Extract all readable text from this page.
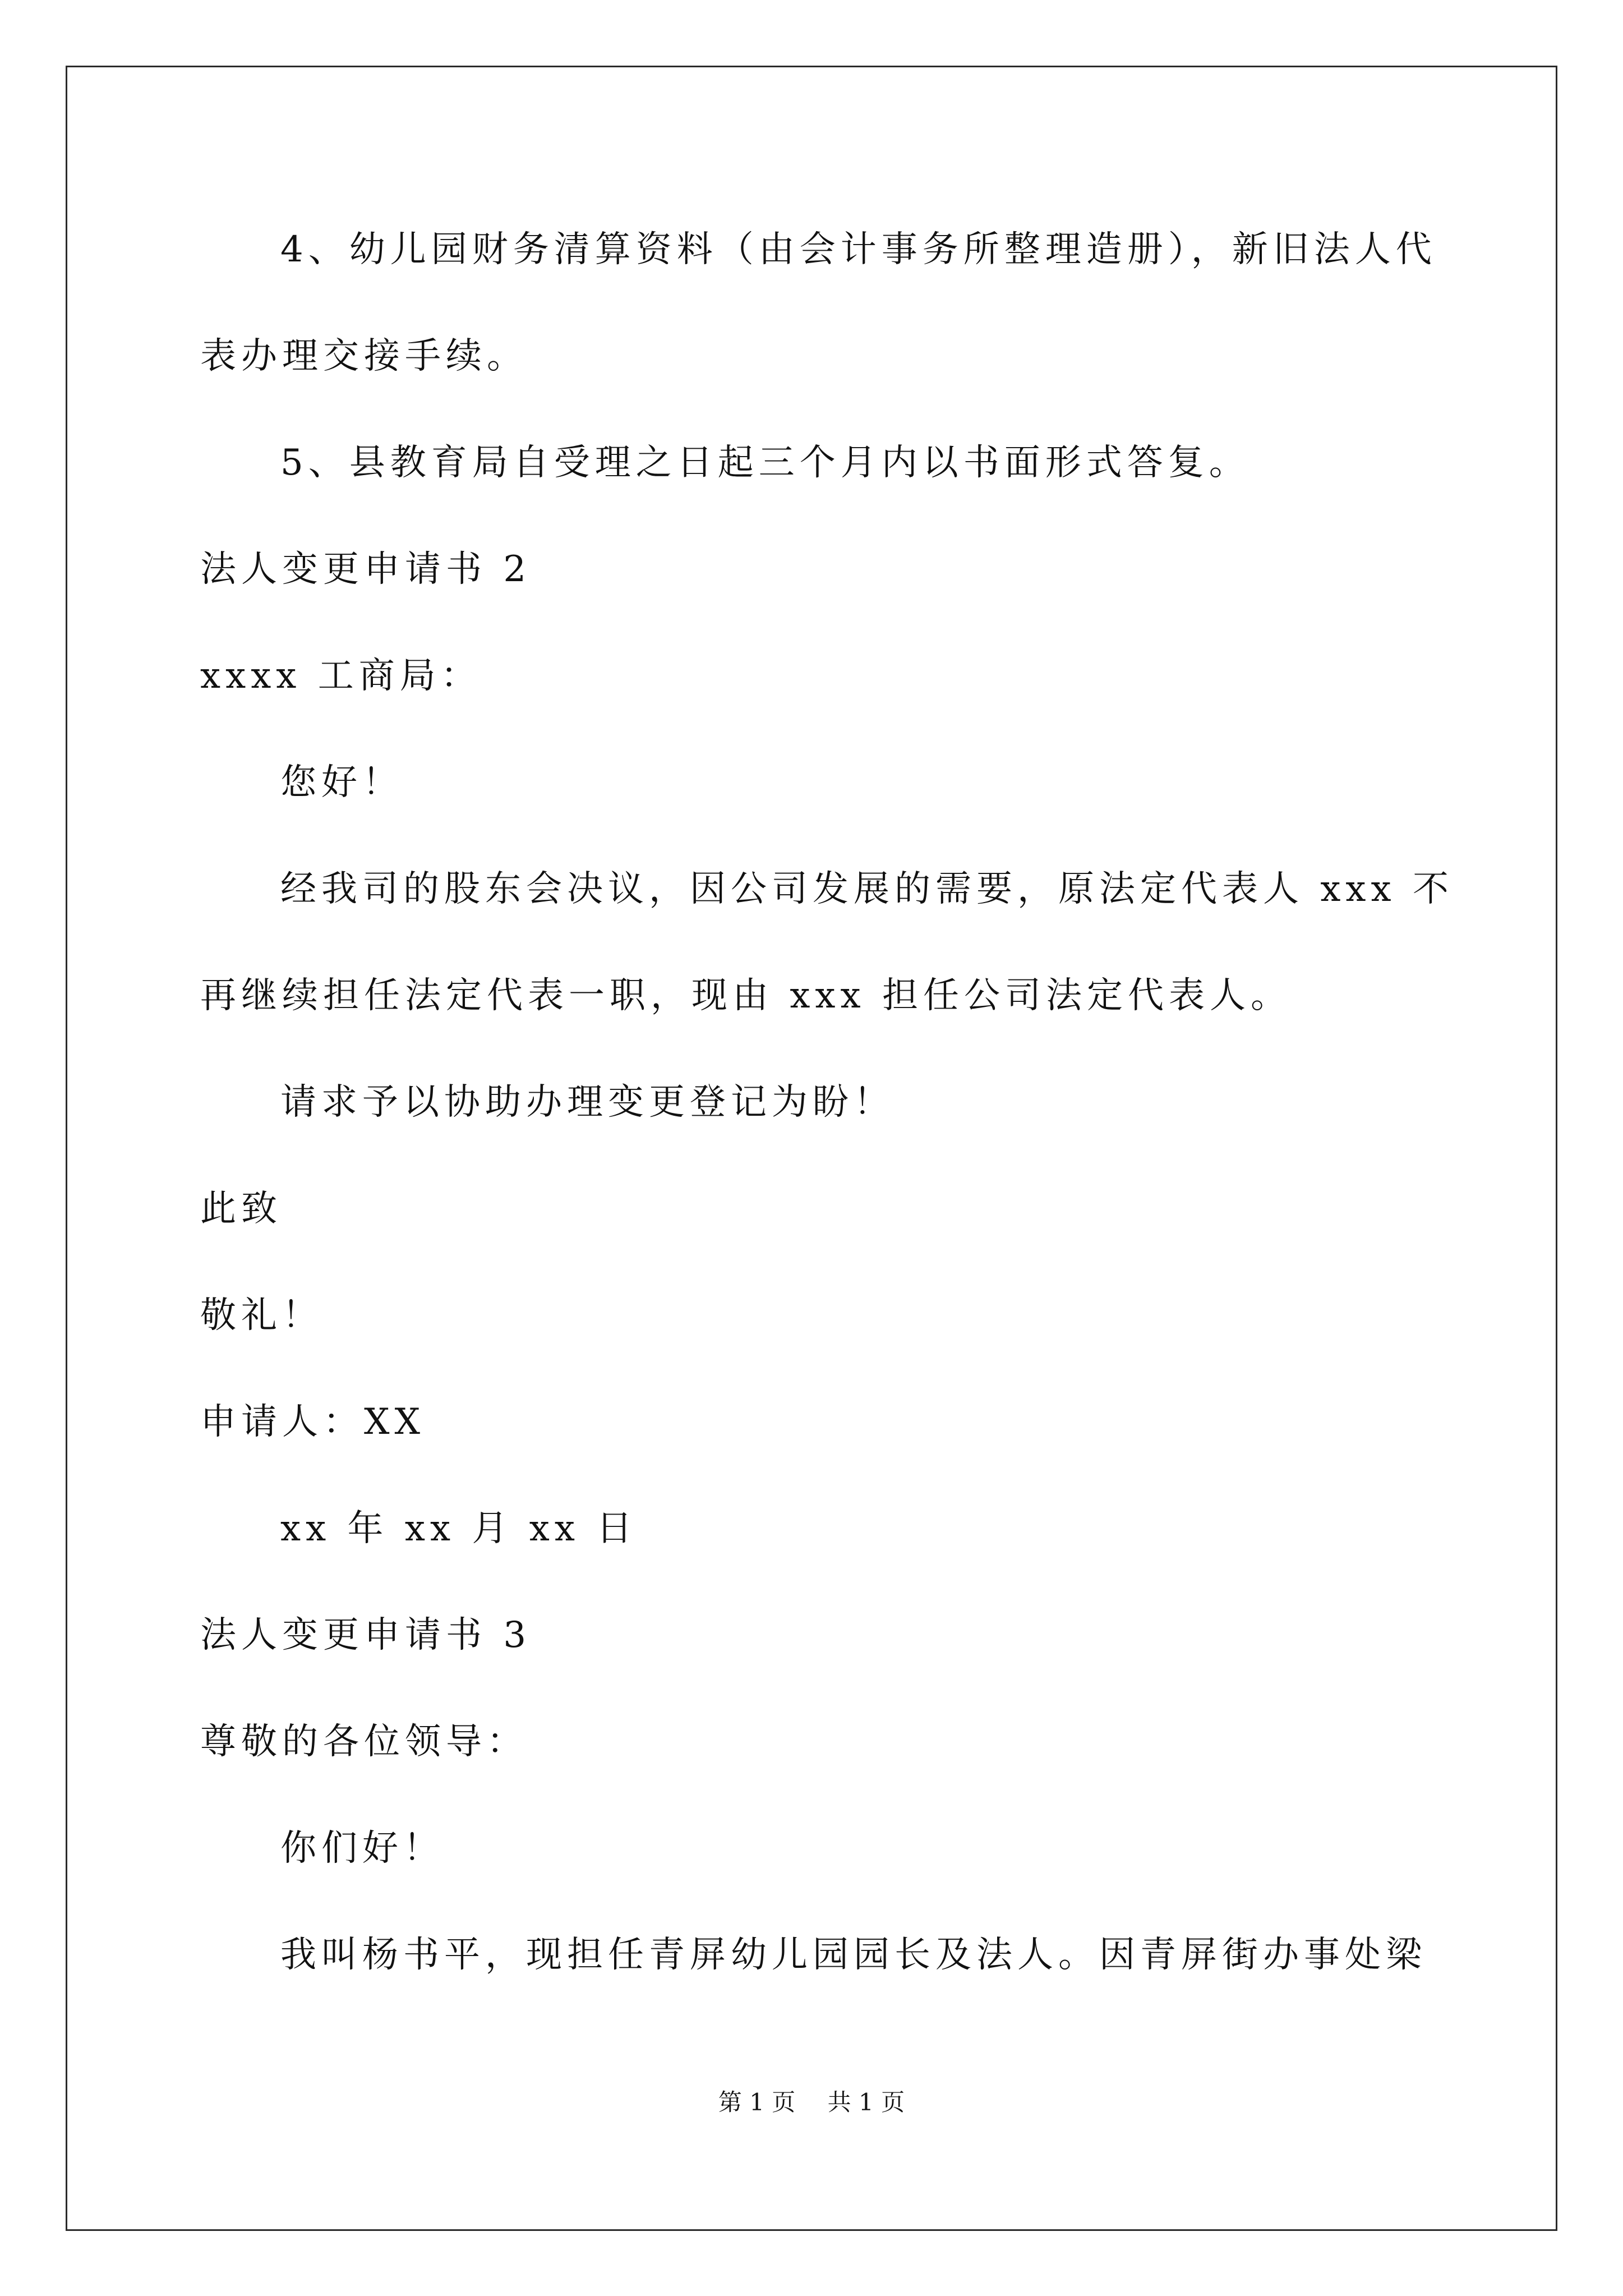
4、幼儿园财务清算资料（由会计事务所整理造册），新旧法人代

表办理交接手续。

5、县教育局自受理之日起三个月内以书面形式答复。

法人变更申请书 2

xxxx 工商局：

您好！

经我司的股东会决议，因公司发展的需要，原法定代表人 xxx 不

再继续担任法定代表一职，现由 xxx 担任公司法定代表人。

请求予以协助办理变更登记为盼！

此致

敬礼！

申请人：XX

xx 年 xx 月 xx 日

法人变更申请书 3

尊敬的各位领导：

你们好！

我叫杨书平，现担任青屏幼儿园园长及法人。因青屏街办事处梁

第 1 页 共 1 页
